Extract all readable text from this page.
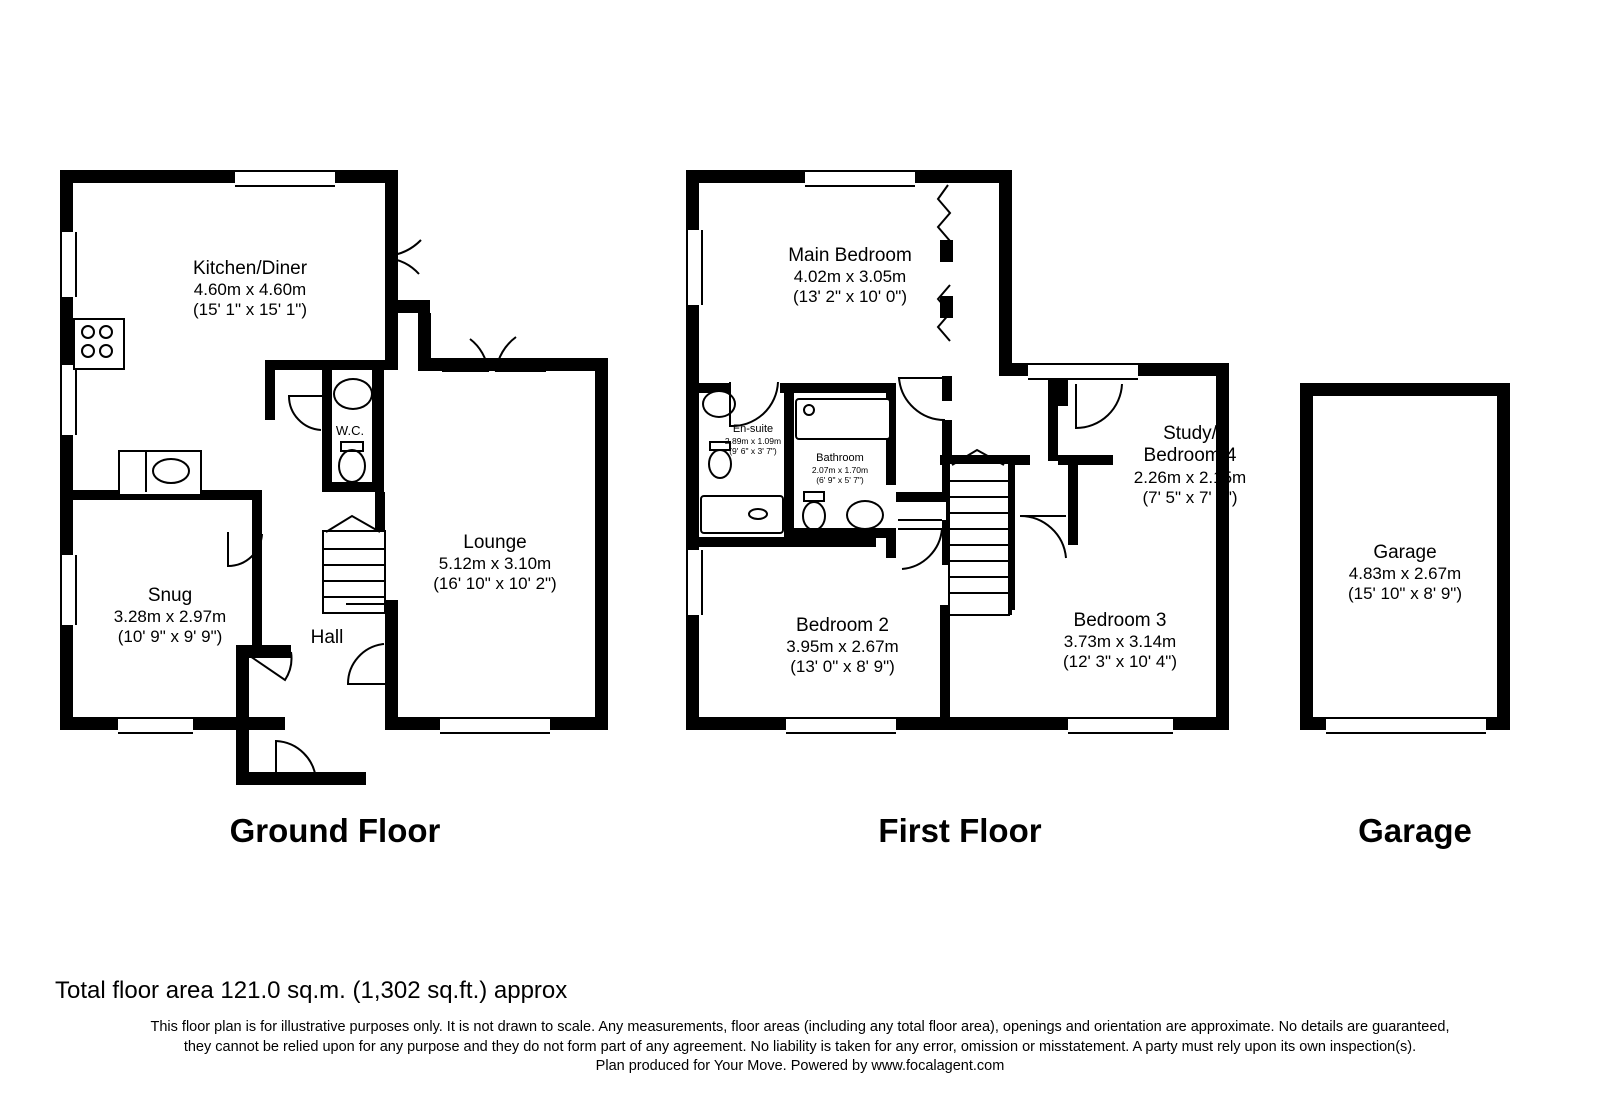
Kitchen/Diner
4.60m x 4.60m
(15' 1" x 15' 1")
W.C.
Lounge
5.12m x 3.10m
(16' 10" x 10' 2")
Snug
3.28m x 2.97m
(10' 9" x 9' 9")	Hall
Ground Floor
Main Bedroom
4.02m x 3.05m
(13' 2" x 10' 0")
En-suite
2.89m x 1.09m
(9' 6" x 3' 7")
Bathroom
2.07m x 1.70m
(6' 9" x 5' 7")
Study/
Bedroom 4
2.26m x 2.15m
(7' 5" x 7' 1")
Bedroom 2
3.95m x 2.67m
(13' 0" x 8' 9")
Bedroom 3
3.73m x 3.14m
(12' 3" x 10' 4")
First Floor
Garage
4.83m x 2.67m
(15' 10" x 8' 9")
Garage
Total floor area 121.0 sq.m. (1,302 sq.ft.) approx
This floor plan is for illustrative purposes only. It is not drawn to scale. Any measurements, floor areas (including any total floor area), openings and orientation are approximate. No details are guaranteed,
they cannot be relied upon for any purpose and they do not form part of any agreement. No liability is taken for any error, omission or misstatement. A party must rely upon its own inspection(s).
Plan produced for Your Move. Powered by www.focalagent.com
